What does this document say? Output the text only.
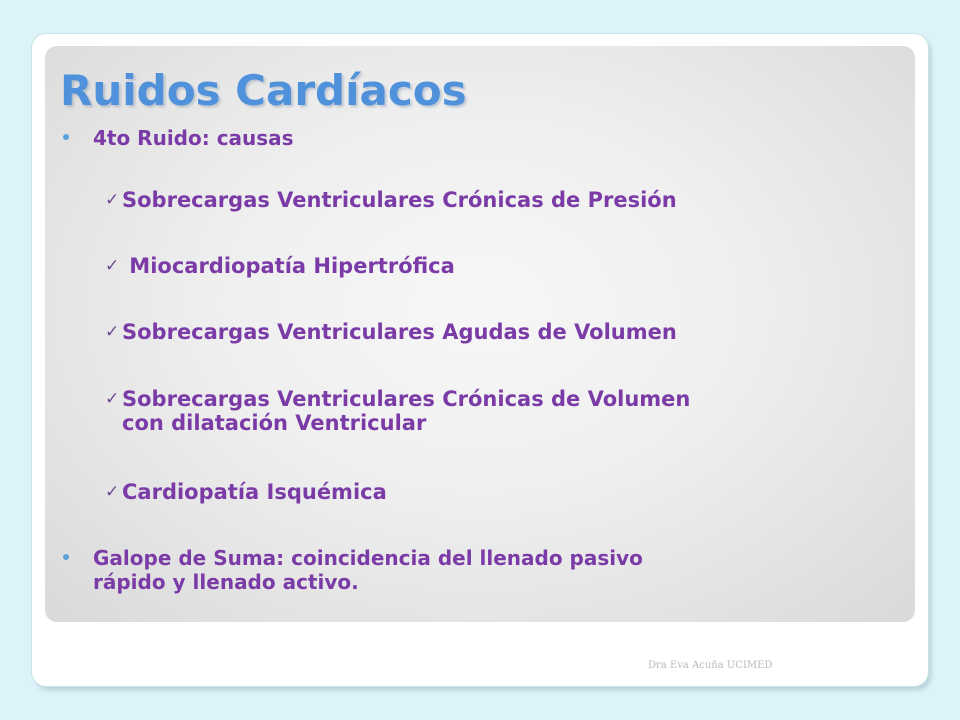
Ruidos Cardíacos
4to Ruido: causas
✓ Sobrecargas Ventriculares Crónicas de Presión
✓ Miocardiopatía Hipertrófica
✓ Sobrecargas Ventriculares Agudas de Volumen
✓ Sobrecargas Ventriculares Crónicas de Volumen
con dilatación Ventricular
✓ Cardiopatía Isquémica
Galope de Suma: coincidencia del llenado pasivo
rápido y llenado activo.
Dra Eva Acuña UCIMED
